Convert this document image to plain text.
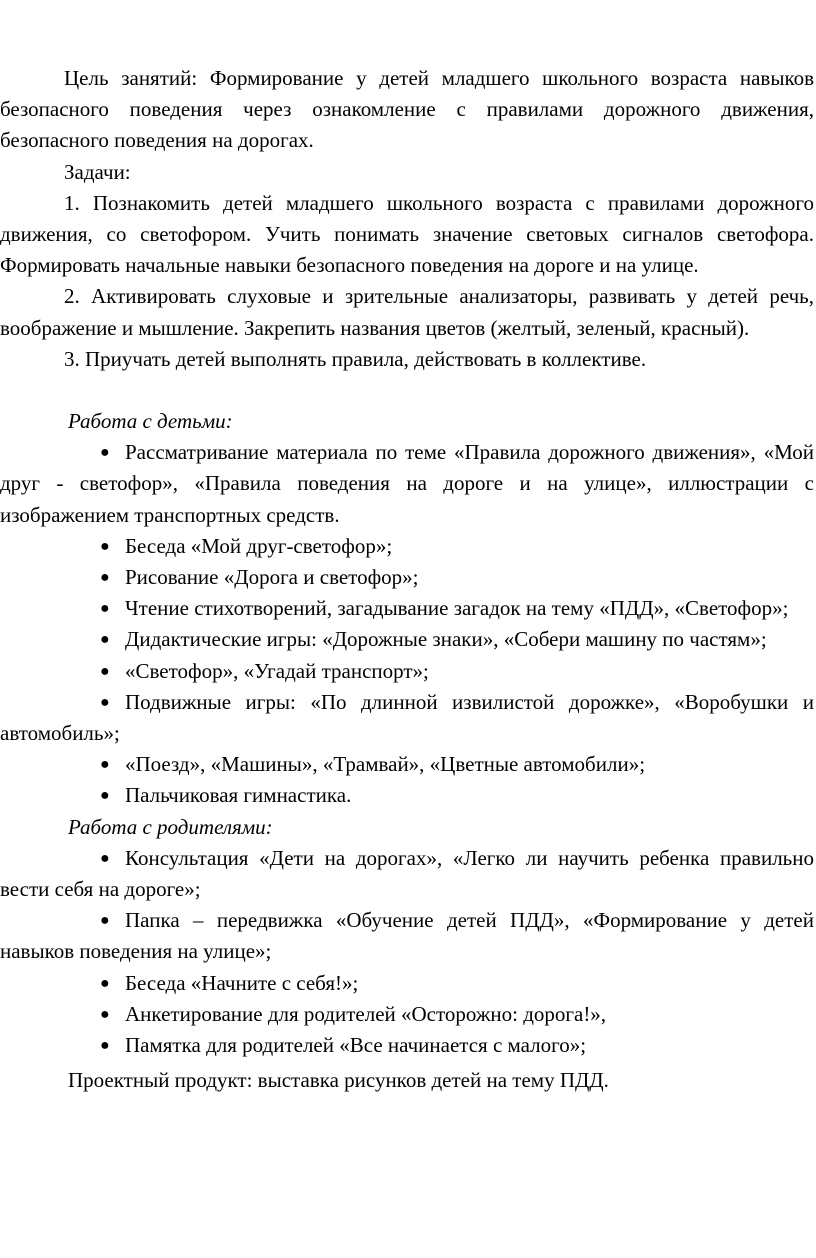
Цель занятий: Формирование у детей младшего школьного возраста навыков безопасного поведения через ознакомление с правилами дорожного движения, безопасного поведения на дорогах.

Задачи:

1. Познакомить детей младшего школьного возраста с правилами дорожного движения, со светофором. Учить понимать значение световых сигналов светофора. Формировать начальные навыки безопасного поведения на дороге и на улице.

2. Активировать слуховые и зрительные анализаторы, развивать у детей речь, воображение и мышление. Закрепить названия цветов (желтый, зеленый, красный).

3. Приучать детей выполнять правила, действовать в коллективе.

Работа с детьми:

● Рассматривание материала по теме «Правила дорожного движения», «Мой друг - светофор», «Правила поведения на дороге и на улице», иллюстрации с изображением транспортных средств.

● Беседа «Мой друг-светофор»;

● Рисование «Дорога и светофор»;

● Чтение стихотворений, загадывание загадок на тему «ПДД», «Светофор»;

● Дидактические игры: «Дорожные знаки», «Собери машину по частям»;

● «Светофор», «Угадай транспорт»;

● Подвижные игры: «По длинной извилистой дорожке», «Воробушки и автомобиль»;

● «Поезд», «Машины», «Трамвай», «Цветные автомобили»;

● Пальчиковая гимнастика.

Работа с родителями:

● Консультация «Дети на дорогах», «Легко ли научить ребенка правильно вести себя на дороге»;

● Папка – передвижка «Обучение детей ПДД», «Формирование у детей навыков поведения на улице»;

● Беседа «Начните с себя!»;

● Анкетирование для родителей «Осторожно: дорога!»,

● Памятка для родителей «Все начинается с малого»;

Проектный продукт: выставка рисунков детей на тему ПДД.
